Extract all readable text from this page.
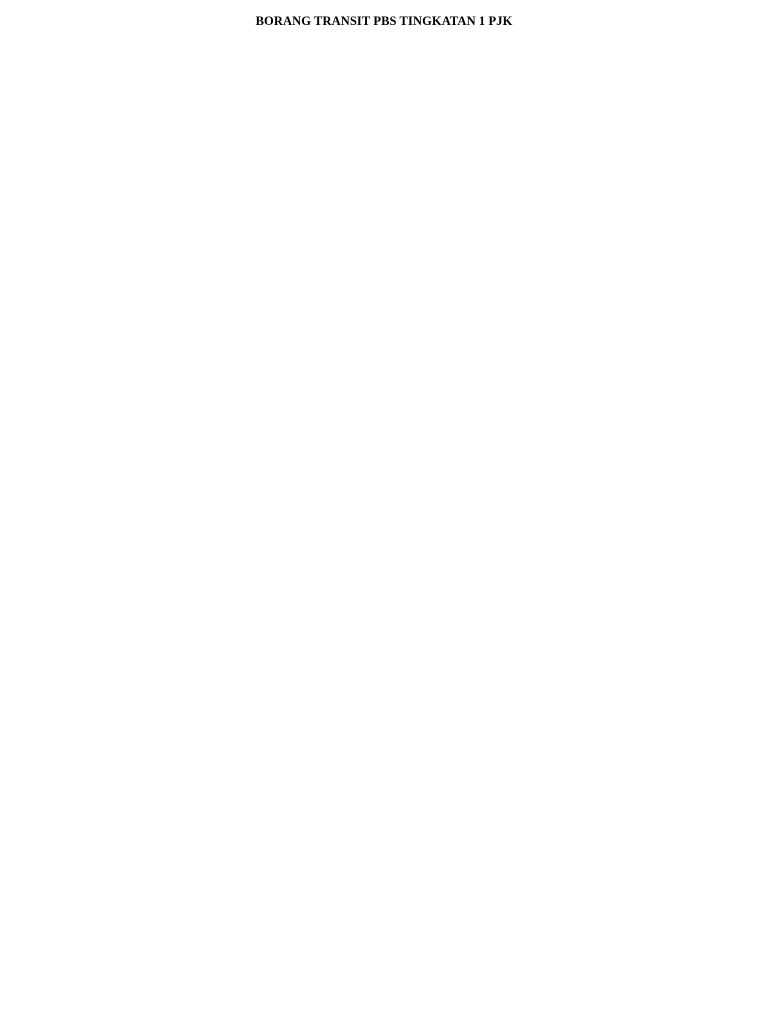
BORANG TRANSIT PBS TINGKATAN 1 PJK
